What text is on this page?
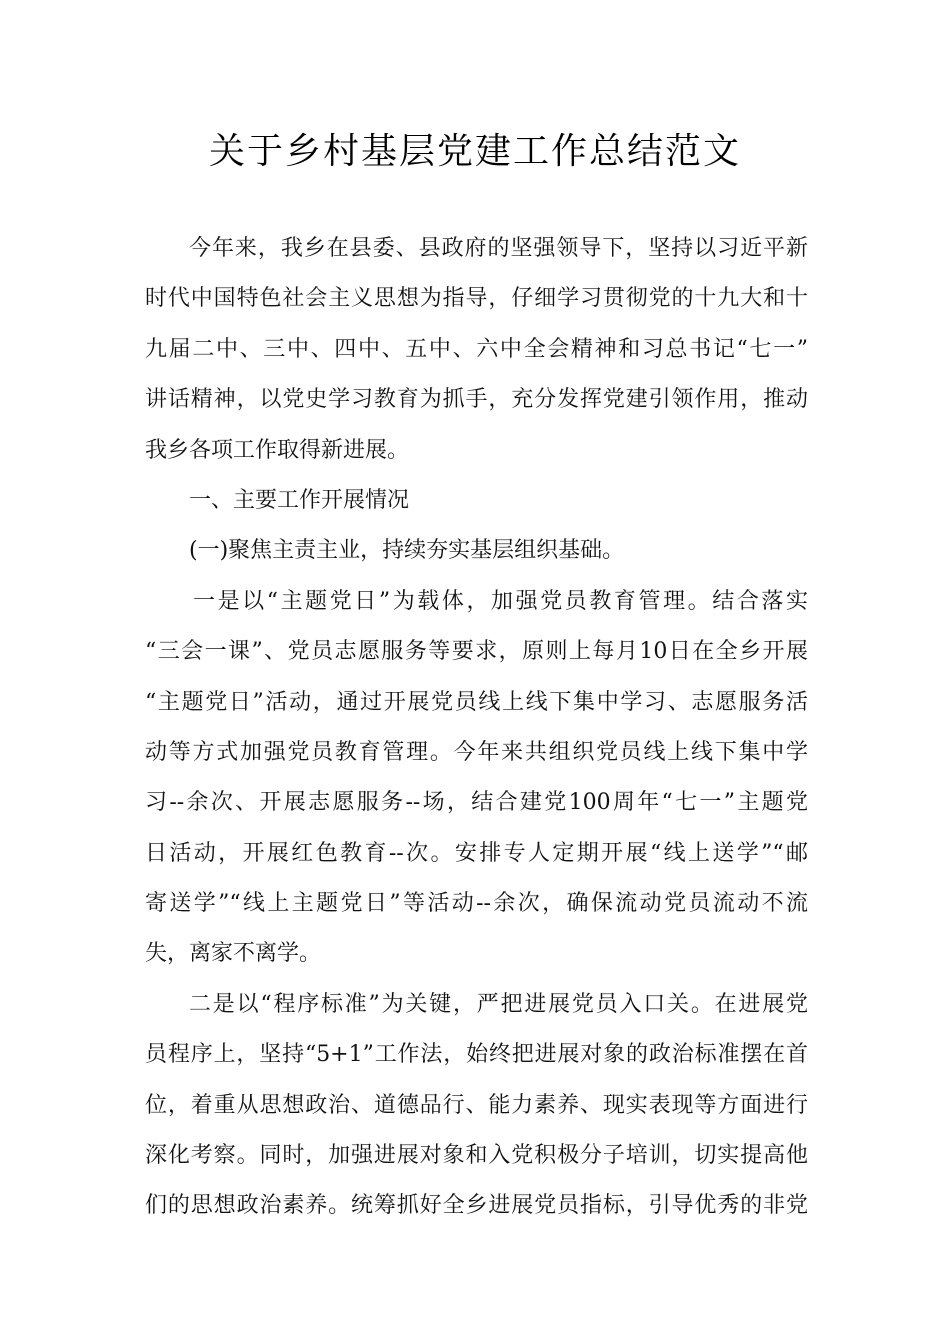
关于乡村基层党建工作总结范文
今年来，我乡在县委、县政府的坚强领导下，坚持以习近平新
时代中国特色社会主义思想为指导，仔细学习贯彻党的十九大和十
九届二中、三中、四中、五中、六中全会精神和习总书记“七一”
讲话精神，以党史学习教育为抓手，充分发挥党建引领作用，推动
我乡各项工作取得新进展。
一、主要工作开展情况
(一)聚焦主责主业，持续夯实基层组织基础。
一是以“主题党日”为载体，加强党员教育管理。结合落实
“三会一课”、党员志愿服务等要求，原则上每月10日在全乡开展
“主题党日”活动，通过开展党员线上线下集中学习、志愿服务活
动等方式加强党员教育管理。今年来共组织党员线上线下集中学
习--余次、开展志愿服务--场，结合建党100周年“七一”主题党
日活动，开展红色教育--次。安排专人定期开展“线上送学”“邮
寄送学”“线上主题党日”等活动--余次，确保流动党员流动不流
失，离家不离学。
二是以“程序标准”为关键，严把进展党员入口关。在进展党
员程序上，坚持“5+1”工作法，始终把进展对象的政治标准摆在首
位，着重从思想政治、道德品行、能力素养、现实表现等方面进行
深化考察。同时，加强进展对象和入党积极分子培训，切实提高他
们的思想政治素养。统筹抓好全乡进展党员指标，引导优秀的非党
